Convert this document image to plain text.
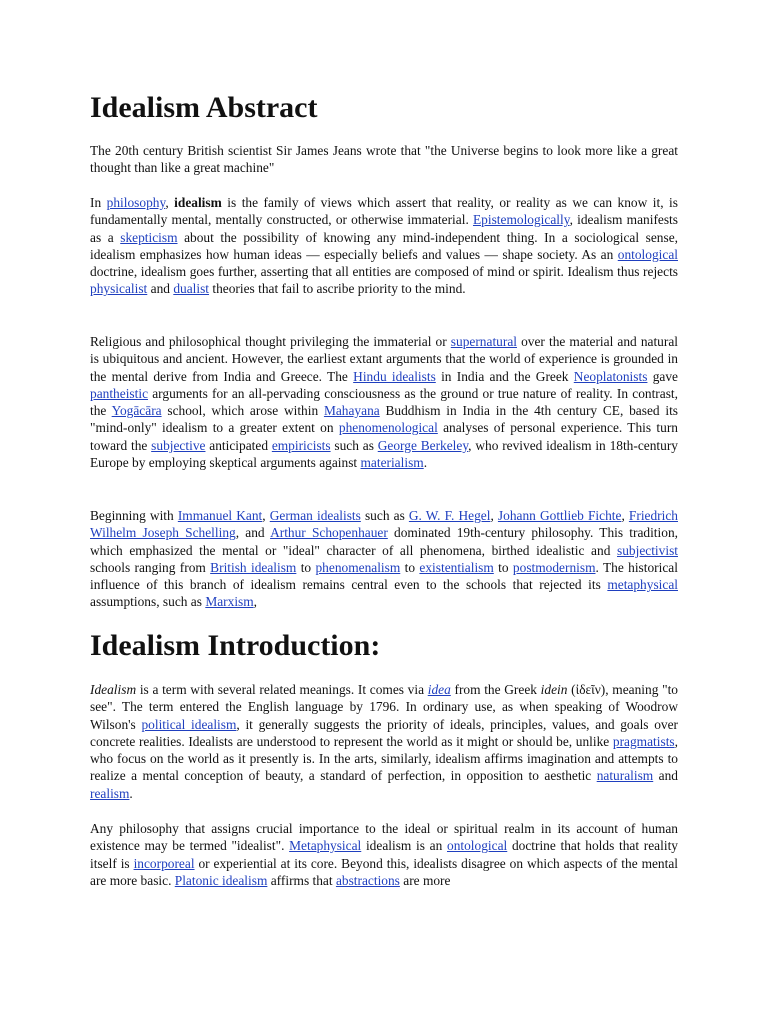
Idealism Abstract

The 20th century British scientist Sir James Jeans wrote that "the Universe begins to look more like a great thought than like a great machine"

In philosophy, idealism is the family of views which assert that reality, or reality as we can know it, is fundamentally mental, mentally constructed, or otherwise immaterial. Epistemologically, idealism manifests as a skepticism about the possibility of knowing any mind-independent thing. In a sociological sense, idealism emphasizes how human ideas — especially beliefs and values — shape society. As an ontological doctrine, idealism goes further, asserting that all entities are composed of mind or spirit. Idealism thus rejects physicalist and dualist theories that fail to ascribe priority to the mind.

Religious and philosophical thought privileging the immaterial or supernatural over the material and natural is ubiquitous and ancient. However, the earliest extant arguments that the world of experience is grounded in the mental derive from India and Greece. The Hindu idealists in India and the Greek Neoplatonists gave pantheistic arguments for an all-pervading consciousness as the ground or true nature of reality. In contrast, the Yogācāra school, which arose within Mahayana Buddhism in India in the 4th century CE, based its "mind-only" idealism to a greater extent on phenomenological analyses of personal experience. This turn toward the subjective anticipated empiricists such as George Berkeley, who revived idealism in 18th-century Europe by employing skeptical arguments against materialism.

Beginning with Immanuel Kant, German idealists such as G. W. F. Hegel, Johann Gottlieb Fichte, Friedrich Wilhelm Joseph Schelling, and Arthur Schopenhauer dominated 19th-century philosophy. This tradition, which emphasized the mental or "ideal" character of all phenomena, birthed idealistic and subjectivist schools ranging from British idealism to phenomenalism to existentialism to postmodernism. The historical influence of this branch of idealism remains central even to the schools that rejected its metaphysical assumptions, such as Marxism,

Idealism Introduction:

Idealism is a term with several related meanings. It comes via idea from the Greek idein (ἰδεῖν), meaning "to see". The term entered the English language by 1796. In ordinary use, as when speaking of Woodrow Wilson's political idealism, it generally suggests the priority of ideals, principles, values, and goals over concrete realities. Idealists are understood to represent the world as it might or should be, unlike pragmatists, who focus on the world as it presently is. In the arts, similarly, idealism affirms imagination and attempts to realize a mental conception of beauty, a standard of perfection, in opposition to aesthetic naturalism and realism.

Any philosophy that assigns crucial importance to the ideal or spiritual realm in its account of human existence may be termed "idealist". Metaphysical idealism is an ontological doctrine that holds that reality itself is incorporeal or experiential at its core. Beyond this, idealists disagree on which aspects of the mental are more basic. Platonic idealism affirms that abstractions are more
